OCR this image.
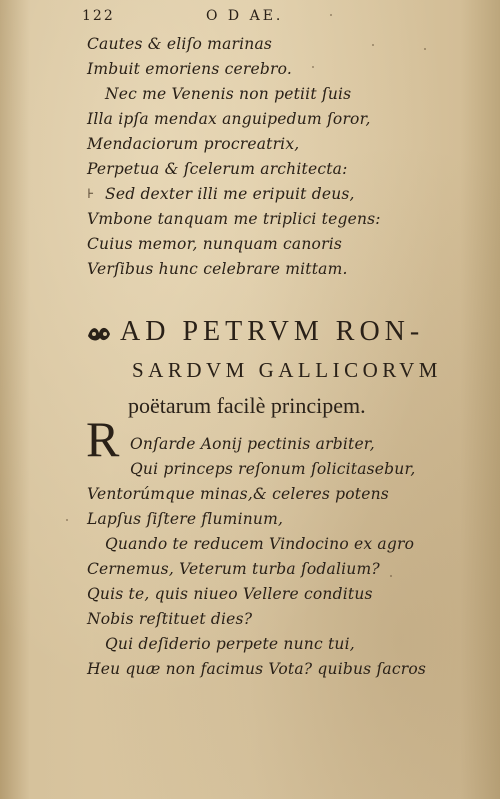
122	O D AE.
Cautes & eliſo marinas
Imbuit emoriens cerebro.
Nec me Venenis non petiit ſuis
Illa ipſa mendax anguipedum ſoror,
Mendaciorum procreatrix,
Perpetua & ſcelerum architecta:
Sed dexter illi me eripuit deus,
Vmbone tanquam me triplici tegens:
Cuius memor, nunquam canoris
Verſibus hunc celebrare mittam.
⊦
AD PETRVM RON-
SARDVM GALLICORVM
poëtarum facilè principem.
R Onſarde Aonij pectinis arbiter,
Qui princeps reſonum ſolicitasebur,
Ventorúmque minas,& celeres potens
Lapſus ſiſtere fluminum,
Quando te reducem Vindocino ex agro
Cernemus, Veterum turba ſodalium?
Quis te, quis niueo Vellere conditus
Nobis reſtituet dies?
Qui deſiderio perpete nunc tui,
Heu quæ non facimus Vota? quibus ſacros
